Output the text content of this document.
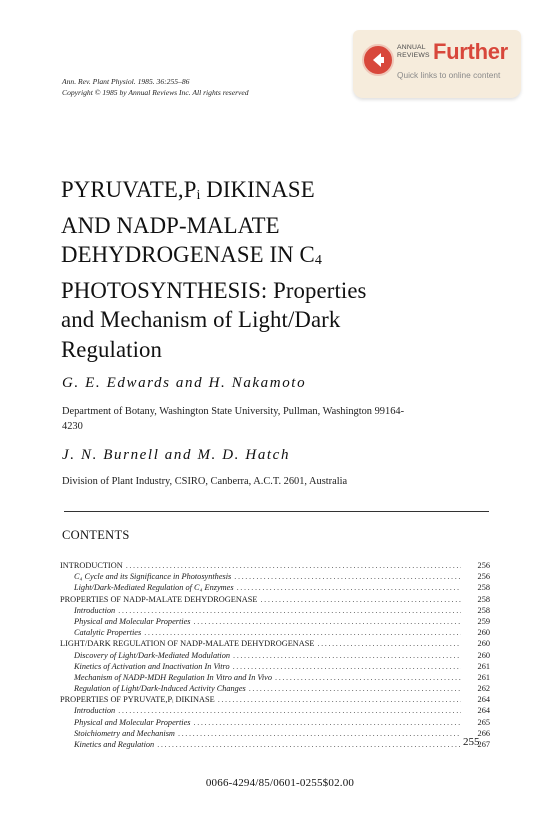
Ann. Rev. Plant Physiol. 1985. 36:255–86
Copyright © 1985 by Annual Reviews Inc. All rights reserved
ANNUAL
REVIEWS Further
Quick links to online content
$PYRUVATE,P_i$ DIKINASE
AND NADP-MALATE
DEHYDROGENASE IN $C_4$
PHOTOSYNTHESIS: Properties
and Mechanism of Light/Dark
Regulation
G. E. Edwards and H. Nakamoto
Department of Botany, Washington State University, Pullman, Washington 99164-
4230
J. N. Burnell and M. D. Hatch
Division of Plant Industry, CSIRO, Canberra, A.C.T. 2601, Australia
CONTENTS
INTRODUCTION .....	256
C₄ Cycle and its Significance in Photosynthesis .....	256
Light/Dark-Mediated Regulation of C₄ Enzymes .....	258
PROPERTIES OF NADP-MALATE DEHYDROGENASE .....	258
Introduction .....	258
Physical and Molecular Properties .....	259
Catalytic Properties .....	260
LIGHT/DARK REGULATION OF NADP-MALATE DEHYDROGENASE .....	260
Discovery of Light/Dark-Mediated Modulation .....	260
Kinetics of Activation and Inactivation In Vitro .....	261
Mechanism of NADP-MDH Regulation In Vitro and In Vivo .....	261
Regulation of Light/Dark-Induced Activity Changes .....	262
PROPERTIES OF PYRUVATE,Pᵢ DIKINASE .....	264
Introduction .....	264
Physical and Molecular Properties .....	265
Stoichiometry and Mechanism .....	266
Kinetics and Regulation .....	267
255
0066-4294/85/0601-0255$02.00
